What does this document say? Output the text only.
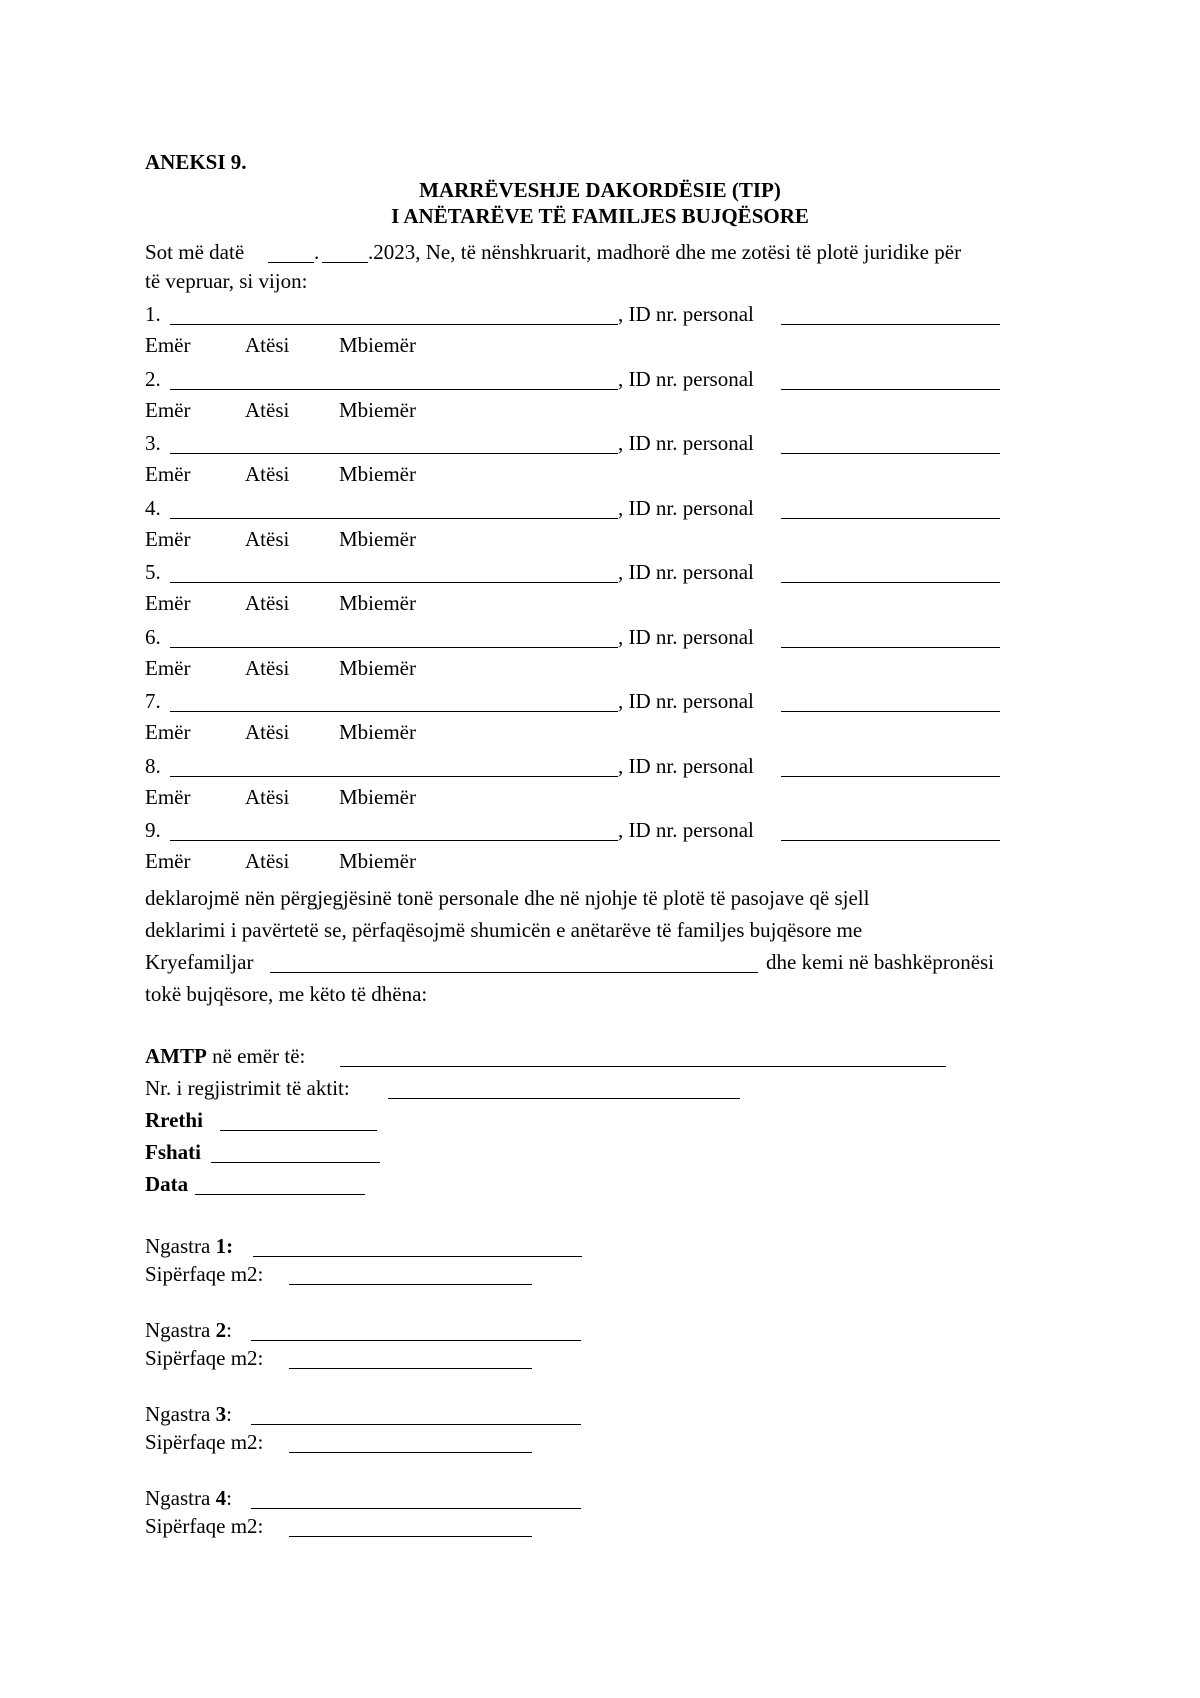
ANEKSI 9.
MARRËVESHJE DAKORDËSIE (TIP)
I ANËTARËVE TË FAMILJES BUJQËSORE
Sot më datë	. .2023, Ne, të nënshkruarit, madhorë dhe me zotësi të plotë juridike për
të vepruar, si vijon:
1.	, ID nr. personal
Emër	Atësi Mbiemër
2.	, ID nr. personal
Emër	Atësi Mbiemër
3.	, ID nr. personal
Emër	Atësi Mbiemër
4.	, ID nr. personal
Emër	Atësi Mbiemër
5.	, ID nr. personal
Emër	Atësi Mbiemër
6.	, ID nr. personal
Emër	Atësi Mbiemër
7.	, ID nr. personal
Emër	Atësi Mbiemër
8.	, ID nr. personal
Emër	Atësi Mbiemër
9.	, ID nr. personal
Emër	Atësi Mbiemër
deklarojmë nën përgjegjësinë tonë personale dhe në njohje të plotë të pasojave që sjell
deklarimi i pavërtetë se, përfaqësojmë shumicën e anëtarëve të familjes bujqësore me
Kryefamiljar	dhe kemi në bashkëpronësi
tokë bujqësore, me këto të dhëna:
AMTP në emër të:
Nr. i regjistrimit të aktit:
Rrethi
Fshati
Data
Ngastra 1:
Sipërfaqe m2:
Ngastra 2:
Sipërfaqe m2:
Ngastra 3:
Sipërfaqe m2:
Ngastra 4:
Sipërfaqe m2:
